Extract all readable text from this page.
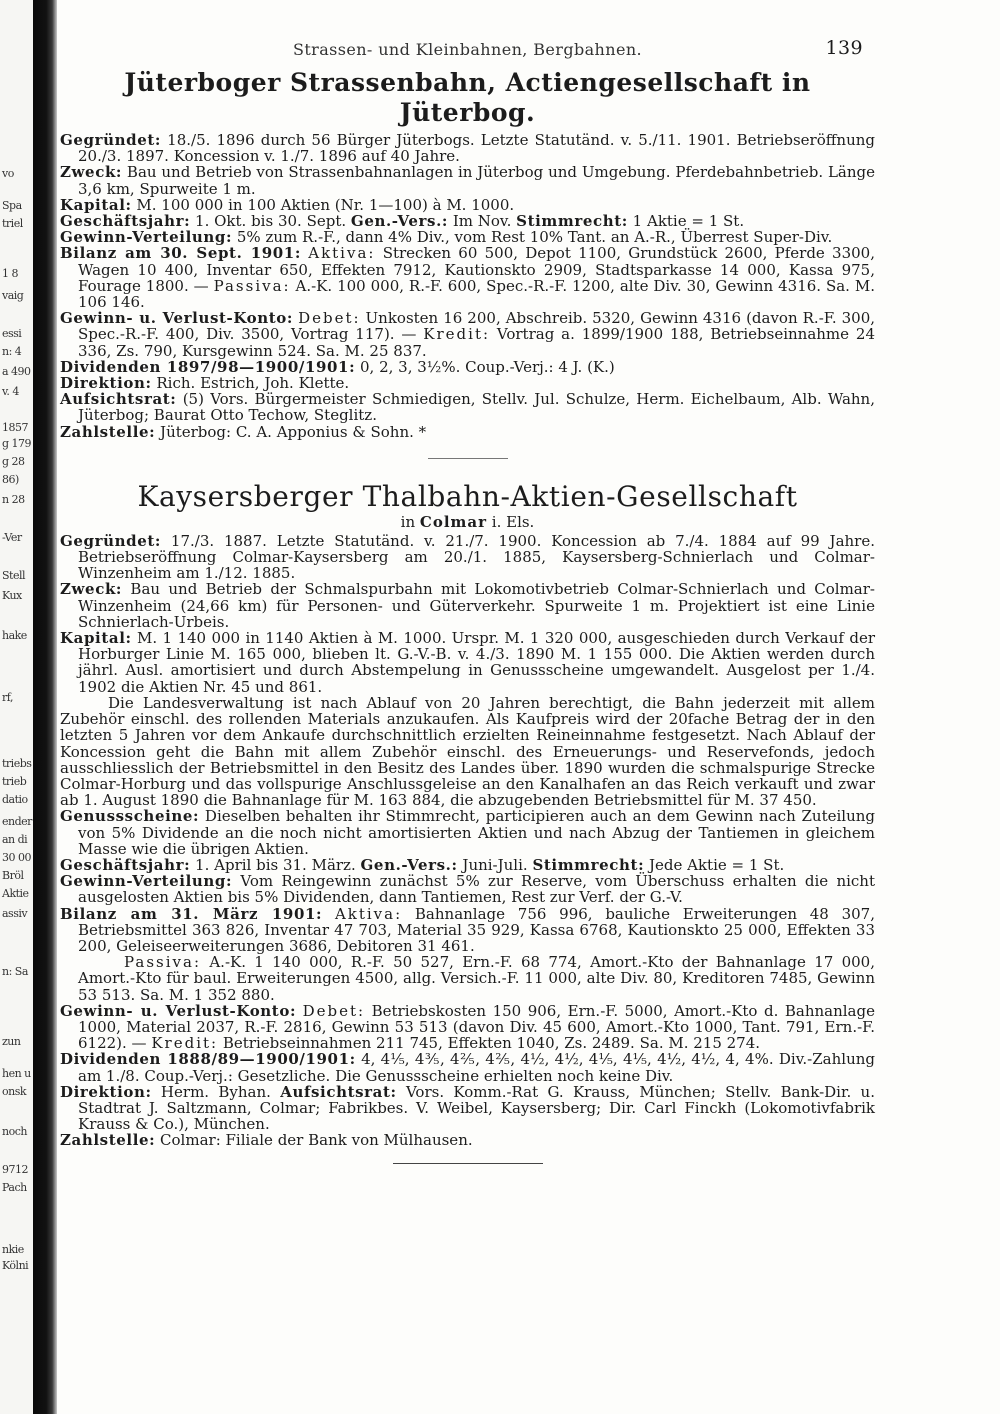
vo
Spa
triel
1 8
vaig
essi
n: 4
a 490
v. 4
1857
g 179
g 28
86)
n 28
-Ver
Stell
Kux
hake
rf,
triebs
trieb
datio
ender
an di
30 00
Bröl
Aktie
assiv
n: Sa
zun
hen u
onsk
noch
9712
Pach
nkie
Kölni
Strassen- und Kleinbahnen, Bergbahnen.	139
Jüterboger Strassenbahn, Actiengesellschaft in Jüterbog.

Gegründet: 18./5. 1896 durch 56 Bürger Jüterbogs. Letzte Statutänd. v. 5./11. 1901. Betriebseröffnung 20./3. 1897. Koncession v. 1./7. 1896 auf 40 Jahre.

Zweck: Bau und Betrieb von Strassenbahnanlagen in Jüterbog und Umgebung. Pferdebahnbetrieb. Länge 3,6 km, Spurweite 1 m.

Kapital: M. 100 000 in 100 Aktien (Nr. 1—100) à M. 1000.

Geschäftsjahr: 1. Okt. bis 30. Sept. Gen.-Vers.: Im Nov. Stimmrecht: 1 Aktie = 1 St.

Gewinn-Verteilung: 5% zum R.-F., dann 4% Div., vom Rest 10% Tant. an A.-R., Überrest Super-Div.

Bilanz am 30. Sept. 1901: Aktiva: Strecken 60 500, Depot 1100, Grundstück 2600, Pferde 3300, Wagen 10 400, Inventar 650, Effekten 7912, Kautionskto 2909, Stadtsparkasse 14 000, Kassa 975, Fourage 1800. — Passiva: A.-K. 100 000, R.-F. 600, Spec.-R.-F. 1200, alte Div. 30, Gewinn 4316. Sa. M. 106 146.

Gewinn- u. Verlust-Konto: Debet: Unkosten 16 200, Abschreib. 5320, Gewinn 4316 (davon R.-F. 300, Spec.-R.-F. 400, Div. 3500, Vortrag 117). — Kredit: Vortrag a. 1899/1900 188, Betriebseinnahme 24 336, Zs. 790, Kursgewinn 524. Sa. M. 25 837.

Dividenden 1897/98—1900/1901: 0, 2, 3, 3½%. Coup.-Verj.: 4 J. (K.)

Direktion: Rich. Estrich, Joh. Klette.

Aufsichtsrat: (5) Vors. Bürgermeister Schmiedigen, Stellv. Jul. Schulze, Herm. Eichelbaum, Alb. Wahn, Jüterbog; Baurat Otto Techow, Steglitz.

Zahlstelle: Jüterbog: C. A. Apponius & Sohn. *

Kaysersberger Thalbahn-Aktien-Gesellschaft
in Colmar i. Els.

Gegründet: 17./3. 1887. Letzte Statutänd. v. 21./7. 1900. Koncession ab 7./4. 1884 auf 99 Jahre. Betriebseröffnung Colmar-Kaysersberg am 20./1. 1885, Kaysersberg-Schnierlach und Colmar-Winzenheim am 1./12. 1885.

Zweck: Bau und Betrieb der Schmalspurbahn mit Lokomotivbetrieb Colmar-Schnierlach und Colmar-Winzenheim (24,66 km) für Personen- und Güterverkehr. Spurweite 1 m. Projektiert ist eine Linie Schnierlach-Urbeis.

Kapital: M. 1 140 000 in 1140 Aktien à M. 1000. Urspr. M. 1 320 000, ausgeschieden durch Verkauf der Horburger Linie M. 165 000, blieben lt. G.-V.-B. v. 4./3. 1890 M. 1 155 000. Die Aktien werden durch jährl. Ausl. amortisiert und durch Abstempelung in Genussscheine umgewandelt. Ausgelost per 1./4. 1902 die Aktien Nr. 45 und 861.

Die Landesverwaltung ist nach Ablauf von 20 Jahren berechtigt, die Bahn jederzeit mit allem Zubehör einschl. des rollenden Materials anzukaufen. Als Kaufpreis wird der 20fache Betrag der in den letzten 5 Jahren vor dem Ankaufe durchschnittlich erzielten Reineinnahme festgesetzt. Nach Ablauf der Koncession geht die Bahn mit allem Zubehör einschl. des Erneuerungs- und Reservefonds, jedoch ausschliesslich der Betriebsmittel in den Besitz des Landes über. 1890 wurden die schmalspurige Strecke Colmar-Horburg und das vollspurige Anschlussgeleise an den Kanalhafen an das Reich verkauft und zwar ab 1. August 1890 die Bahnanlage für M. 163 884, die abzugebenden Betriebsmittel für M. 37 450.

Genussscheine: Dieselben behalten ihr Stimmrecht, participieren auch an dem Gewinn nach Zuteilung von 5% Dividende an die noch nicht amortisierten Aktien und nach Abzug der Tantiemen in gleichem Masse wie die übrigen Aktien.

Geschäftsjahr: 1. April bis 31. März. Gen.-Vers.: Juni-Juli. Stimmrecht: Jede Aktie = 1 St.

Gewinn-Verteilung: Vom Reingewinn zunächst 5% zur Reserve, vom Überschuss erhalten die nicht ausgelosten Aktien bis 5% Dividenden, dann Tantiemen, Rest zur Verf. der G.-V.

Bilanz am 31. März 1901: Aktiva: Bahnanlage 756 996, bauliche Erweiterungen 48 307, Betriebsmittel 363 826, Inventar 47 703, Material 35 929, Kassa 6768, Kautionskto 25 000, Effekten 33 200, Geleiseerweiterungen 3686, Debitoren 31 461.

Passiva: A.-K. 1 140 000, R.-F. 50 527, Ern.-F. 68 774, Amort.-Kto der Bahnanlage 17 000, Amort.-Kto für baul. Erweiterungen 4500, allg. Versich.-F. 11 000, alte Div. 80, Kreditoren 7485, Gewinn 53 513. Sa. M. 1 352 880.

Gewinn- u. Verlust-Konto: Debet: Betriebskosten 150 906, Ern.-F. 5000, Amort.-Kto d. Bahnanlage 1000, Material 2037, R.-F. 2816, Gewinn 53 513 (davon Div. 45 600, Amort.-Kto 1000, Tant. 791, Ern.-F. 6122). — Kredit: Betriebseinnahmen 211 745, Effekten 1040, Zs. 2489. Sa. M. 215 274.

Dividenden 1888/89—1900/1901: 4, 4⅕, 4⅗, 4⅖, 4⅖, 4½, 4½, 4⅕, 4⅕, 4½, 4½, 4, 4%. Div.-Zahlung am 1./8. Coup.-Verj.: Gesetzliche. Die Genussscheine erhielten noch keine Div.

Direktion: Herm. Byhan. Aufsichtsrat: Vors. Komm.-Rat G. Krauss, München; Stellv. Bank-Dir. u. Stadtrat J. Saltzmann, Colmar; Fabrikbes. V. Weibel, Kaysersberg; Dir. Carl Finckh (Lokomotivfabrik Krauss & Co.), München.

Zahlstelle: Colmar: Filiale der Bank von Mülhausen.
